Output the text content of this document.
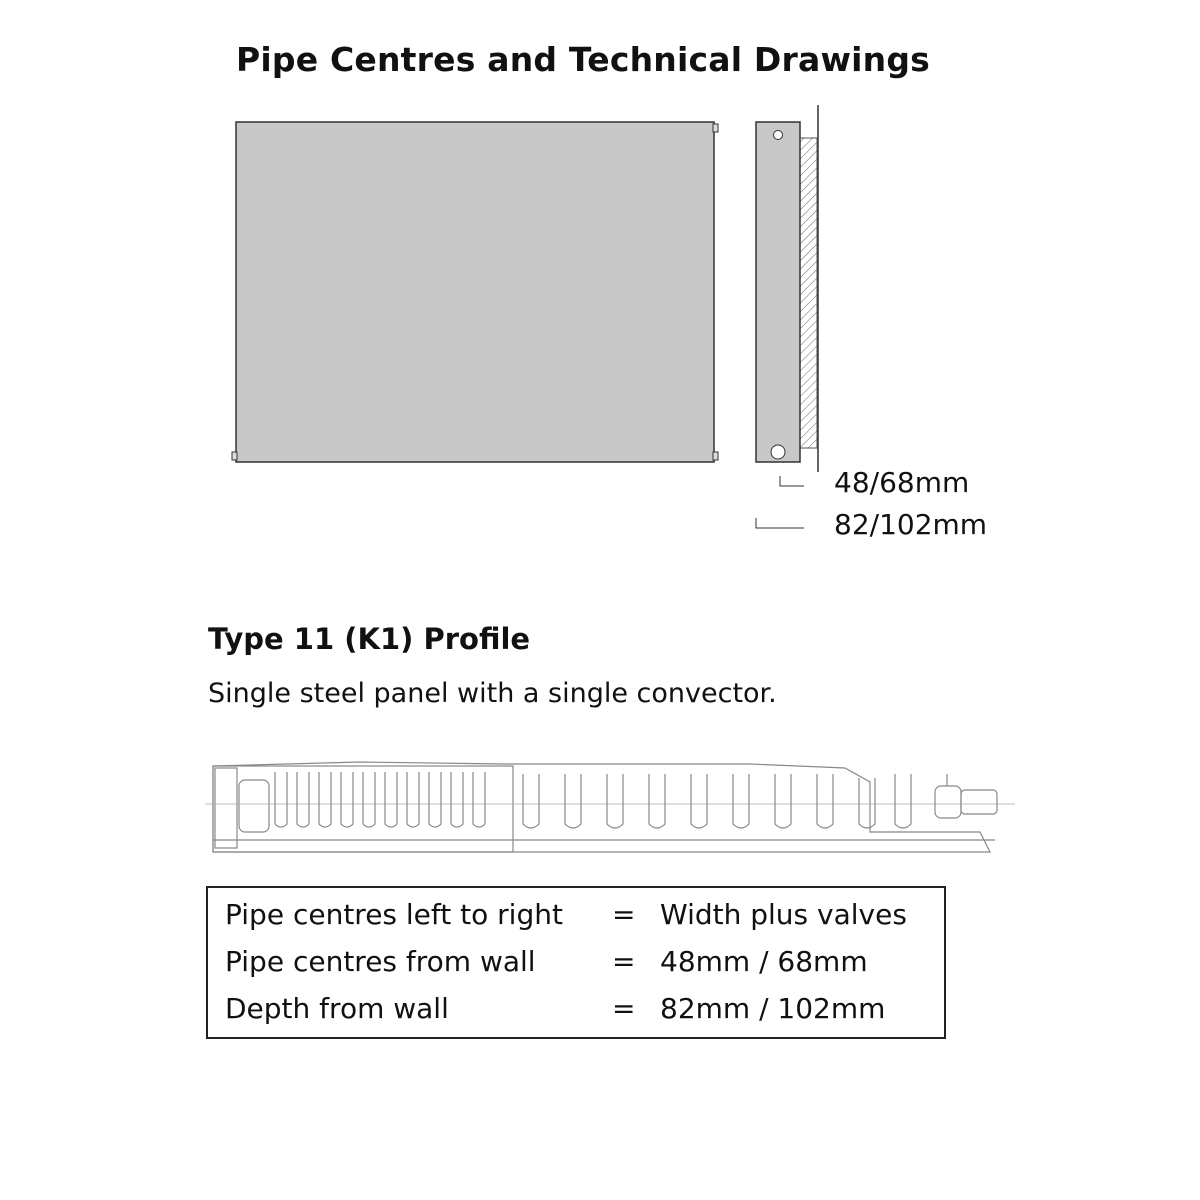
Pipe Centres and Technical Drawings
48/68mm
82/102mm
Type 11 (K1) Profile
Single steel panel with a single convector.
Pipe centres left to right = Width plus valves
Pipe centres from wall	= 48mm / 68mm
Depth from wall	= 82mm / 102mm
